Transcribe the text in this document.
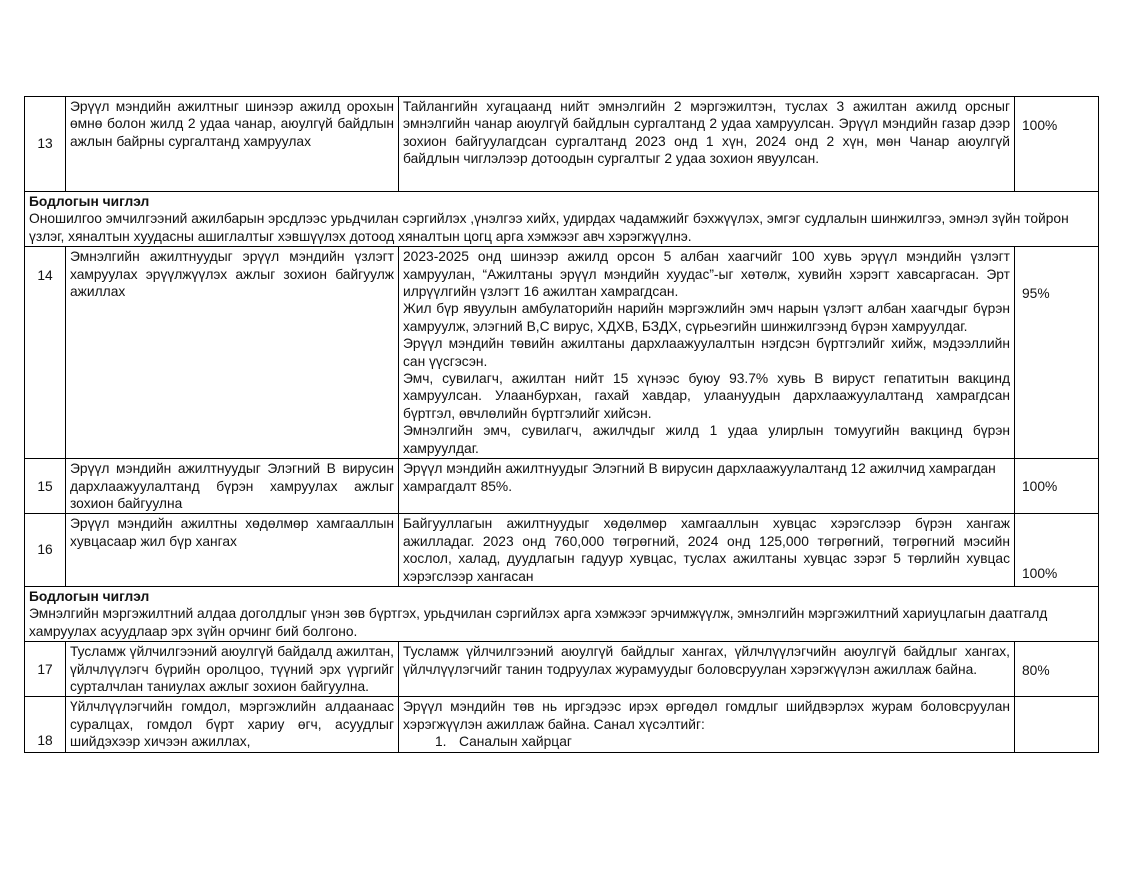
13	Эрүүл мэндийн ажилтныг шинээр ажилд орохын өмнө болон жилд 2 удаа чанар, аюулгүй байдлын ажлын байрны сургалтанд хамруулах	Тайлангийн хугацаанд нийт эмнэлгийн 2 мэргэжилтэн, туслах 3 ажилтан ажилд орсныг эмнэлгийн чанар аюулгүй байдлын сургалтанд 2 удаа хамруулсан. Эрүүл мэндийн газар дээр зохион байгуулагдсан сургалтанд 2023 онд 1 хүн, 2024 онд 2 хүн, мөн Чанар аюулгүй байдлын чиглэлээр дотоодын сургалтыг 2 удаа зохион явуулсан.	100%

Бодлогын чиглэл
Оношилгоо эмчилгээний ажилбарын эрсдлээс урьдчилан сэргийлэх ,үнэлгээ хийх, удирдах чадамжийг бэхжүүлэх, эмгэг судлалын шинжилгээ, эмнэл зүйн тойрон үзлэг, хяналтын хуудасны ашиглалтыг хэвшүүлэх дотоод хяналтын цогц арга хэмжээг авч хэрэгжүүлнэ.			

14	Эмнэлгийн ажилтнуудыг эрүүл мэндийн үзлэгт хамруулах эрүүлжүүлэх ажлыг зохион байгуулж ажиллах	2023-2025 онд шинээр ажилд орсон 5 албан хаагчийг 100 хувь эрүүл мэндийн үзлэгт хамруулан, “Ажилтаны эрүүл мэндийн хуудас”-ыг хөтөлж, хувийн хэрэгт хавсаргасан. Эрт илрүүлгийн үзлэгт 16 ажилтан хамрагдсан.
Жил бүр явуулын амбулаторийн нарийн мэргэжлийн эмч нарын үзлэгт албан хаагчдыг бүрэн хамруулж, элэгний В,С вирус, ХДХВ, БЗДХ, сүрьеэгийн шинжилгээнд бүрэн хамруулдаг.
Эрүүл мэндийн төвийн ажилтаны дархлаажуулалтын нэгдсэн бүртгэлийг хийж, мэдээллийн сан үүсгэсэн.
Эмч, сувилагч, ажилтан нийт 15 хүнээс буюу 93.7% хувь В вируст гепатитын вакцинд хамруулсан. Улаанбурхан, гахай хавдар, улаануудын дархлаажуулалтанд хамрагдсан бүртгэл, өвчлөлийн бүртгэлийг хийсэн.
Эмнэлгийн эмч, сувилагч, ажилчдыг жилд 1 удаа улирлын томуугийн вакцинд бүрэн хамруулдаг.	95%
15	Эрүүл мэндийн ажилтнуудыг Элэгний В вирусин дархлаажуулалтанд бүрэн хамруулах ажлыг зохион байгуулна	Эрүүл мэндийн ажилтнуудыг Элэгний В вирусин дархлаажуулалтанд 12 ажилчид хамрагдан хамрагдалт 85%.	100%
16	Эрүүл мэндийн ажилтны хөдөлмөр хамгааллын хувцасаар жил бүр хангах	Байгууллагын ажилтнуудыг хөдөлмөр хамгааллын хувцас хэрэгслээр бүрэн хангаж ажилладаг. 2023 онд 760,000 төгрөгний, 2024 онд 125,000 төгрөгний, төгрөгний мэсийн хослол, халад, дуудлагын гадуур хувцас, туслах ажилтаны хувцас зэрэг 5 төрлийн хувцас хэрэгслээр хангасан	100%

Бодлогын чиглэл
Эмнэлгийн мэргэжилтний алдаа доголдлыг үнэн зөв бүртгэх, урьдчилан сэргийлэх арга хэмжээг эрчимжүүлж, эмнэлгийн мэргэжилтний хариуцлагын даатгалд хамруулах асуудлаар эрх зүйн орчинг бий болгоно.			

17	Тусламж үйлчилгээний аюулгүй байдалд ажилтан, үйлчлүүлэгч бүрийн оролцоо, түүний эрх үүргийг сурталчлан таниулах ажлыг зохион байгуулна.	Тусламж үйлчилгээний аюулгүй байдлыг хангах, үйлчлүүлэгчийн аюулгүй байдлыг хангах, үйлчлүүлэгчийг танин тодруулах журамуудыг боловсруулан хэрэгжүүлэн ажиллаж байна.	80%
18	Үйлчлүүлэгчийн гомдол, мэргэжлийн алдаанаас суралцах, гомдол бүрт хариу өгч, асуудлыг шийдэхээр хичээн ажиллах,	Эрүүл мэндийн төв нь иргэдээс ирэх өргөдөл гомдлыг шийдвэрлэх журам боловсруулан хэрэгжүүлэн ажиллаж байна. Санал хүсэлтийг:
1. Саналын хайрцаг	
